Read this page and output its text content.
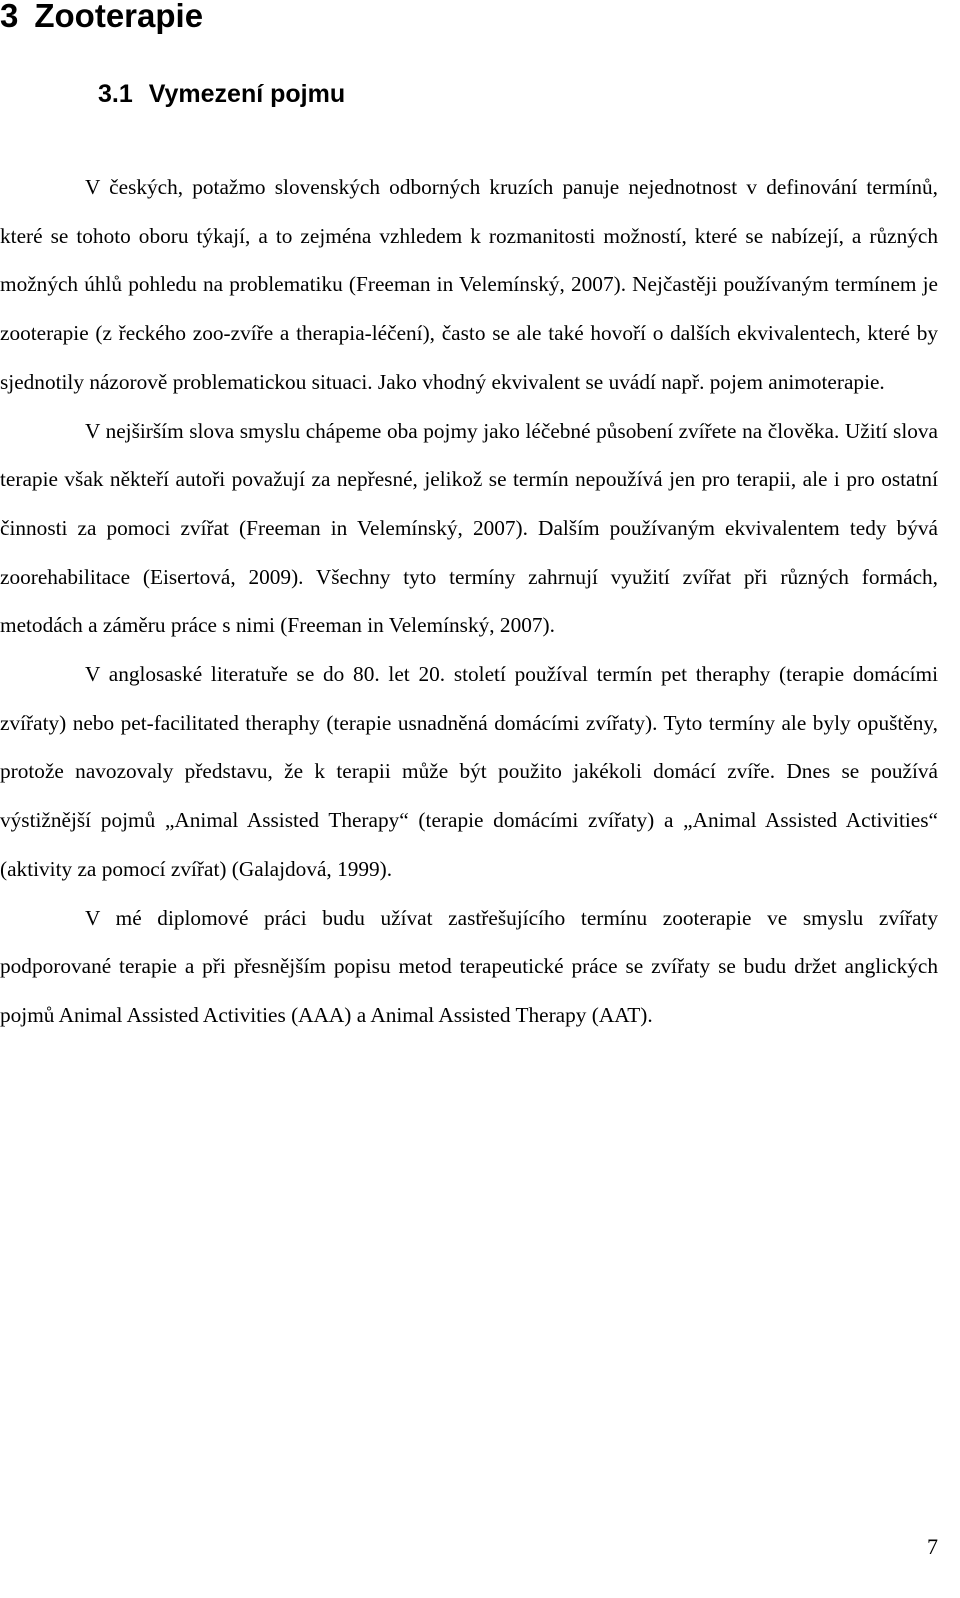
3 Zooterapie
3.1 Vymezení pojmu

V českých, potažmo slovenských odborných kruzích panuje nejednotnost v definování termínů, které se tohoto oboru týkají, a to zejména vzhledem k rozmanitosti možností, které se nabízejí, a různých možných úhlů pohledu na problematiku (Freeman in Velemínský, 2007). Nejčastěji používaným termínem je zooterapie (z řeckého zoo-zvíře a therapia-léčení), často se ale také hovoří o dalších ekvivalentech, které by sjednotily názorově problematickou situaci. Jako vhodný ekvivalent se uvádí např. pojem animoterapie.

V nejširším slova smyslu chápeme oba pojmy jako léčebné působení zvířete na člověka. Užití slova terapie však někteří autoři považují za nepřesné, jelikož se termín nepoužívá jen pro terapii, ale i pro ostatní činnosti za pomoci zvířat (Freeman in Velemínský, 2007). Dalším používaným ekvivalentem tedy bývá zoorehabilitace (Eisertová, 2009). Všechny tyto termíny zahrnují využití zvířat při různých formách, metodách a záměru práce s nimi (Freeman in Velemínský, 2007).

V anglosaské literatuře se do 80. let 20. století používal termín pet theraphy (terapie domácími zvířaty) nebo pet-facilitated theraphy (terapie usnadněná domácími zvířaty). Tyto termíny ale byly opuštěny, protože navozovaly představu, že k terapii může být použito jakékoli domácí zvíře. Dnes se používá výstižnější pojmů „Animal Assisted Therapy“ (terapie domácími zvířaty) a „Animal Assisted Activities“ (aktivity za pomocí zvířat) (Galajdová, 1999).

V mé diplomové práci budu užívat zastřešujícího termínu zooterapie ve smyslu zvířaty podporované terapie a při přesnějším popisu metod terapeutické práce se zvířaty se budu držet anglických pojmů Animal Assisted Activities (AAA) a Animal Assisted Therapy (AAT).

7
